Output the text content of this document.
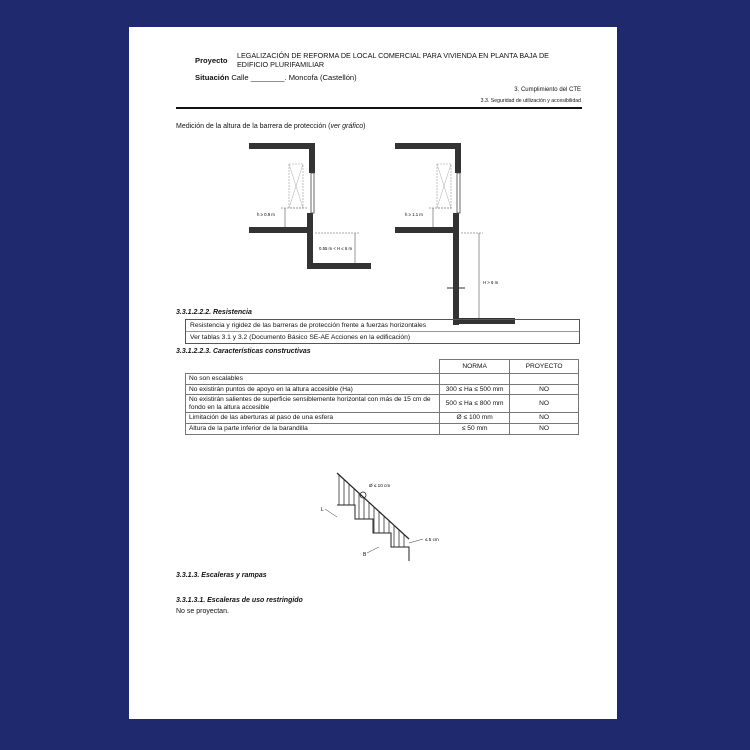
Proyecto
LEGALIZACIÓN DE REFORMA DE LOCAL COMERCIAL PARA VIVIENDA EN PLANTA BAJA DE EDIFICIO PLURIFAMILIAR
Situación Calle ________. Moncofa (Castellón)
3. Cumplimiento del CTE
3.3. Seguridad de utilización y accesibilidad
Medición de la altura de la barrera de protección (ver gráfico)
h ≥ 0.9 m
0.55 m < H ≤ 6 m
h ≥ 1.1 m
H > 6 m
3.3.1.2.2.2. Resistencia
Resistencia y rigidez de las barreras de protección frente a fuerzas horizontales
Ver tablas 3.1 y 3.2 (Documento Básico SE-AE Acciones en la edificación)
3.3.1.2.2.3. Características constructivas
	NORMA	PROYECTO
No son escalables		
No existirán puntos de apoyo en la altura accesible (Ha)	300 ≤ Ha ≤ 500 mm	NO
No existirán salientes de superficie sensiblemente horizontal con más de 15 cm de fondo en la altura accesible	500 ≤ Ha ≤ 800 mm	NO
Limitación de las aberturas al paso de una esfera	Ø ≤ 100 mm	NO
Altura de la parte inferior de la barandilla	≤ 50 mm	NO
Ø ≤ 10 cm
L
B
≤ 5 cm
3.3.1.3. Escaleras y rampas
3.3.1.3.1. Escaleras de uso restringido
No se proyectan.
